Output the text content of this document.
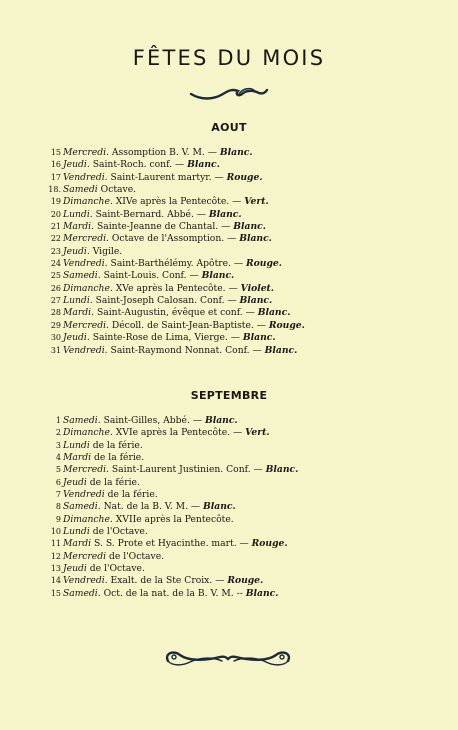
FÊTES DU MOIS
AOUT
15 Mercredi. Assomption B. V. M. — Blanc.
16 Jeudi. Saint-Roch. conf. — Blanc.
17 Vendredi. Saint-Laurent martyr. — Rouge.
18. Samedi Octave.
19 Dimanche. XIVe après la Pentecôte. — Vert.
20 Lundi. Saint-Bernard. Abbé. — Blanc.
21 Mardi. Sainte-Jeanne de Chantal. — Blanc.
22 Mercredi. Octave de l'Assomption. — Blanc.
23 Jeudi. Vigile.
24 Vendredi. Saint-Barthélémy. Apôtre. — Rouge.
25 Samedi. Saint-Louis. Conf. — Blanc.
26 Dimanche. XVe après la Pentecôte. — Violet.
27 Lundi. Saint-Joseph Calosan. Conf. — Blanc.
28 Mardi. Saint-Augustin, évêque et conf. — Blanc.
29 Mercredi. Décoll. de Saint-Jean-Baptiste. — Rouge.
30 Jeudi. Sainte-Rose de Lima, Vierge. — Blanc.
31 Vendredi. Saint-Raymond Nonnat. Conf. — Blanc.
SEPTEMBRE
1 Samedi. Saint-Gilles, Abbé. — Blanc.
2 Dimanche. XVIe après la Pentecôte. — Vert.
3 Lundi de la férie.
4 Mardi de la férie.
5 Mercredi. Saint-Laurent Justinien. Conf. — Blanc.
6 Jeudi de la férie.
7 Vendredi de la férie.
8 Samedi. Nat. de la B. V. M. — Blanc.
9 Dimanche. XVIIe après la Pentecôte.
10 Lundi de l'Octave.
11 Mardi S. S. Prote et Hyacinthe. mart. — Rouge.
12 Mercredi de l'Octave.
13 Jeudi de l'Octave.
14 Vendredi. Exalt. de la Ste Croix. — Rouge.
15 Samedi. Oct. de la nat. de la B. V. M. -- Blanc.
